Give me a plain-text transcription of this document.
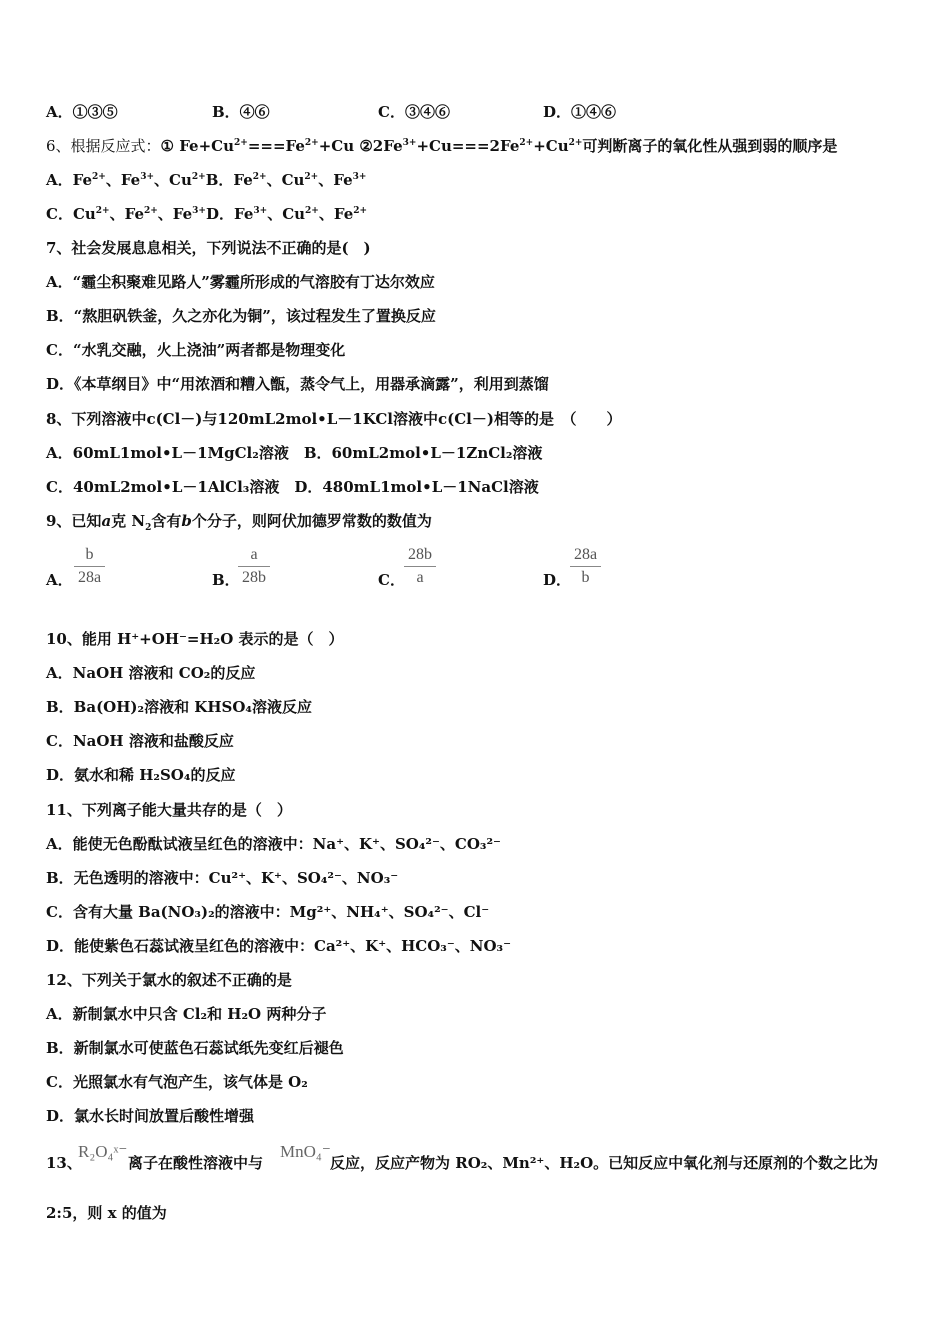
A．①③⑤	B．④⑥	C．③④⑥	D．①④⑥
6、根据反应式：① $Fe+Cu^{2+}===Fe^{2+}+Cu$ $②2Fe^{3+}+Cu===2Fe^{2+}+Cu^{2+}$可判断离子的氧化性从强到弱的顺序是
A．$Fe^{2+}$、$Fe^{3+}$、$Cu^{2+}B$．$Fe^{2+}$、$Cu^{2+}$、$Fe^{3+}$
C．$Cu^{2+}$、$Fe^{2+}$、$Fe^{3+}D$．$Fe^{3+}$、$Cu^{2+}$、$Fe^{2+}$
7、社会发展息息相关，下列说法不正确的是(　)
A．“霾尘积聚难见路人”雾霾所形成的气溶胶有丁达尔效应
B．“熬胆矾铁釜，久之亦化为铜”，该过程发生了置换反应
C．“水乳交融，火上浇油”两者都是物理变化
D．《本草纲目》中“用浓酒和糟入甑，蒸令气上，用器承滴露”，利用到蒸馏
8、下列溶液中c(Cl－)与120mL2mol•L－1KCl溶液中c(Cl－)相等的是　（　　）
A．60mL1mol•L－1MgCl₂溶液　B．60mL2mol•L－1ZnCl₂溶液
C．40mL2mol•L－1AlCl₃溶液　D．480mL1mol•L－1NaCl溶液
9、已知a克 $N_2$含有b个分子，则阿伏加德罗常数的数值为
A． $\frac{b}{28a}$	B．
$\frac{a}{28b}$	C． $\frac{28b}{a}$	D．
$\frac{28a}{b}$
10、能用 H⁺+OH⁻=H₂O 表示的是（　）
A．NaOH 溶液和 CO₂的反应
B．Ba(OH)₂溶液和 KHSO₄溶液反应
C．NaOH 溶液和盐酸反应
D．氨水和稀 H₂SO₄的反应
11、下列离子能大量共存的是（　）
A．能使无色酚酞试液呈红色的溶液中：Na⁺、K⁺、SO₄²⁻、CO₃²⁻
B．无色透明的溶液中：Cu²⁺、K⁺、SO₄²⁻、NO₃⁻
C．含有大量 Ba(NO₃)₂的溶液中：Mg²⁺、NH₄⁺、SO₄²⁻、Cl⁻
D．能使紫色石蕊试液呈红色的溶液中：Ca²⁺、K⁺、HCO₃⁻、NO₃⁻
12、下列关于氯水的叙述不正确的是
A．新制氯水中只含 Cl₂和 H₂O 两种分子
B．新制氯水可使蓝色石蕊试纸先变红后褪色
C．光照氯水有气泡产生，该气体是 O₂
D．氯水长时间放置后酸性增强
13、
R₂O₄ˣ⁻
离子在酸性溶液中与
MnO₄⁻
反应，反应产物为 RO₂、Mn²⁺、H₂O。已知反应中氧化剂与还原剂的个数之比为
2:5，则 x 的值为
